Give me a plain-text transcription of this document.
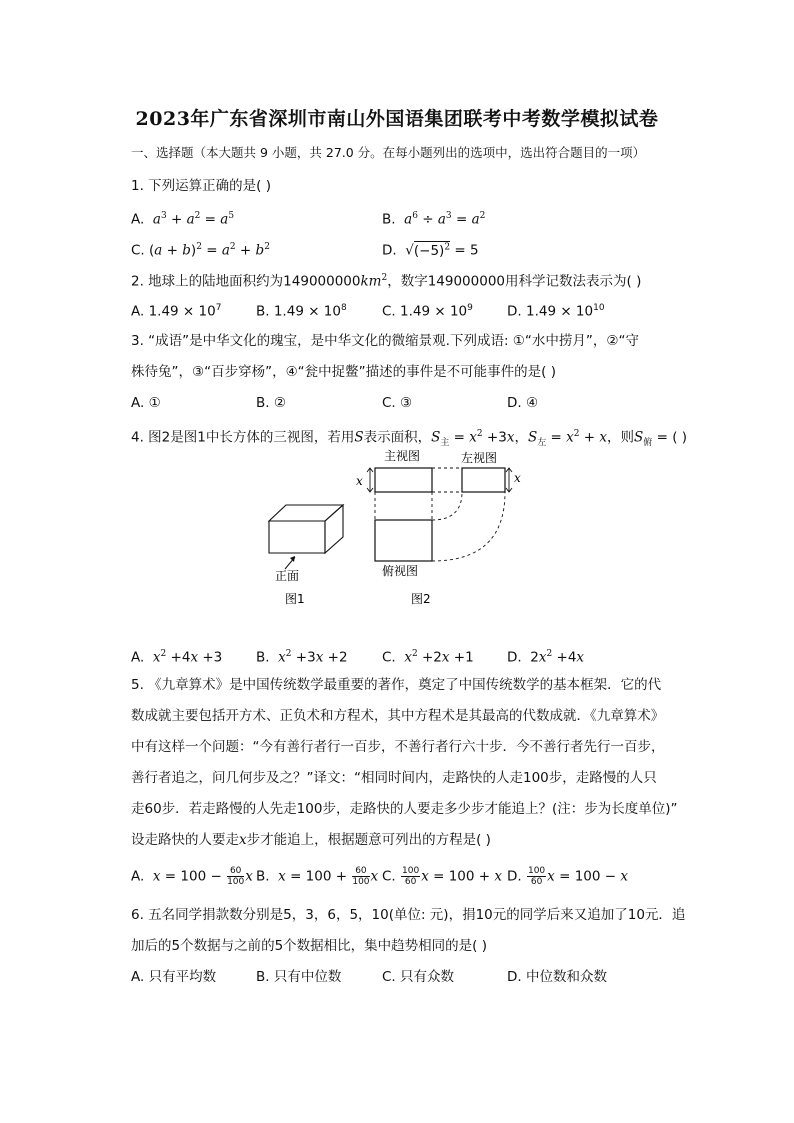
2023年广东省深圳市南山外国语集团联考中考数学模拟试卷
一、选择题（本大题共 9 小题，共 27.0 分。在每小题列出的选项中，选出符合题目的一项）
1. 下列运算正确的是( )
A. $a^3 + a^2 = a^5$	B. $a^6 \div a^3 = a^2$
C. $(a + b)^2 = a^2 + b^2$	D.  $√(-5)^2 = 5$
2. 地球上的陆地面积约为$149000000km^2$，数字149000000用科学记数法表示为( )
A. $1.49 \times 10^7$	B. $1.49 \times 10^8$	C. $1.49 \times 10^9$	D. $1.49 \times 10^{10}$
3. “成语”是中华文化的瑰宝，是中华文化的微缩景观.下列成语: ①“水中捞月”，②“守
株待兔”，③“百步穿杨”，④“瓮中捉鳖”描述的事件是不可能事件的是( )
A. ①	B. ②	C. ③	D. ④
4. 图2是图1中长方体的三视图，若用S表示面积，$S_主 = x^2 +3x$，$S_左 = x^2 + x$，则$S_俯$ = ( )
正面
图1
主视图	左视图
x	x
俯视图
图2
A. $x^2 +4x +3$ B. $x^2 +3x +2$	C. $x^2 +2x +1$ D.  $2x^2 +4x$
5. 《九章算术》是中国传统数学最重要的著作，奠定了中国传统数学的基本框架．它的代
数成就主要包括开方术、正负术和方程术，其中方程术是其最高的代数成就．《九章算术》
中有这样一个问题：“今有善行者行一百步，不善行者行六十步．今不善行者先行一百步，
善行者追之，问几何步及之？”译文：“相同时间内，走路快的人走100步，走路慢的人只
走60步．若走路慢的人先走100步，走路快的人要走多少步才能追上？(注：步为长度单位)”
设走路快的人要走x步才能追上，根据题意可列出的方程是( )
A. $x = 100 - \frac{60}{100}$ x B. $x = 100 + \frac{60}{100}$ x C. $\frac{100}{60}$ x = 100 + x D. $\frac{100}{60}$ x = 100 − x
6. 五名同学捐款数分别是5，3，6，5，10(单位: 元)，捐10元的同学后来又追加了10元．追
加后的5个数据与之前的5个数据相比，集中趋势相同的是( )
A. 只有平均数	B. 只有中位数	C. 只有众数	D. 中位数和众数
